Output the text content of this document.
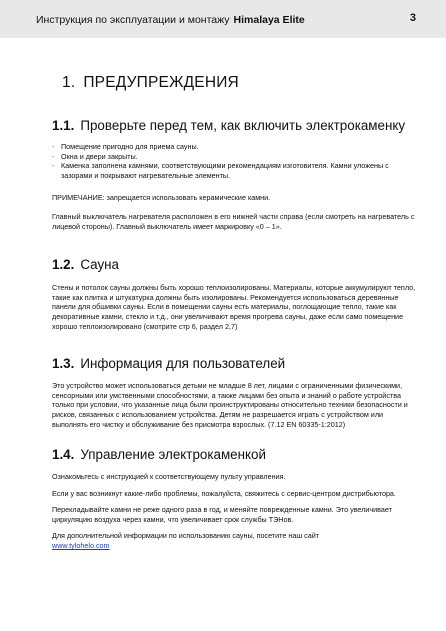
Инструкция по эксплуатации и монтажу Himalaya Elite	3
1. ПРЕДУПРЕЖДЕНИЯ
1.1. Проверьте перед тем, как включить электрокаменку
- Помещение пригодно для приема сауны.
- Окна и двери закрыты.
- Каменка заполнена камнями, соответствующими рекомендациям изготовителя. Камни уложены с зазорами и покрывают нагревательные элементы.

ПРИМЕЧАНИЕ: запрещается использовать керамические камни.

Главный выключатель нагревателя расположен в его нижней части справа (если смотреть на нагреватель с лицевой стороны). Главный выключатель имеет маркировку «0 – 1».

1.2. Сауна

Стены и потолок сауны должны быть хорошо теплоизолированы. Материалы, которые аккумулируют тепло, такие как плитка и штукатурка должны быть изолированы. Рекомендуется использоваться деревянные панели для обшивки сауны. Если в помещении сауны есть материалы, поглощающие тепло, такие как декоративные камни, стекло и т.д., они увеличивают время прогрева сауны, даже если само помещение хорошо теплоизолировано (смотрите стр 6, раздел 2,7)

1.3. Информация для пользователей

Это устройство может использоваться детьми не младше 8 лет, лицами с ограниченными физическими, сенсорными или умственными способностями, а также лицами без опыта и знаний о работе устройства только при условии, что указанные лица были проинструктированы относительно техники безопасности и рисков, связанных с использованием устройства. Детям не разрешается играть с устройством или выполнять его чистку и обслуживание без присмотра взрослых. (7.12 EN 60335-1:2012)

1.4. Управление электрокаменкой

Ознакомьтесь с инструкцией к соответствующему пульту управления.

Если у вас возникнут какие-либо проблемы, пожалуйста, свяжитесь с сервис-центром дистрибьютора.

Перекладывайте камни не реже одного раза в год, и меняйте поврежденные камни. Это увеличивает циркуляцию воздуха через камни, что увеличивает срок службы ТЭНов.

Для дополнительной информации по использованию сауны, посетите наш сайт
www.tylohelo.com
